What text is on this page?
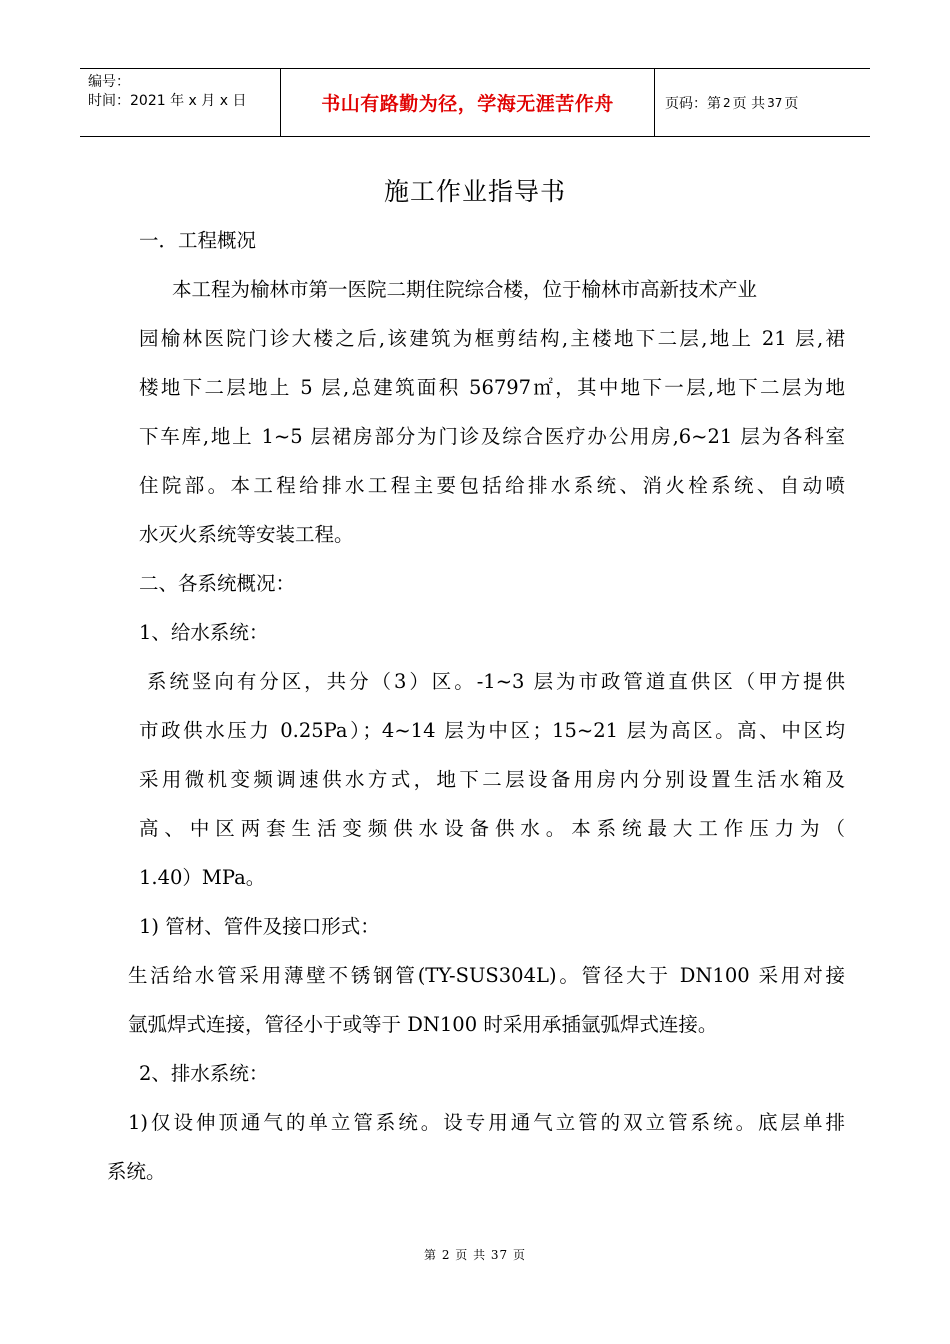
编号：
时间：2021 年 x 月 x 日	书山有路勤为径，学海无涯苦作舟	页码：第 2 页 共 37 页
施工作业指导书
一．工程概况
本工程为榆林市第一医院二期住院综合楼，位于榆林市高新技术产业
园榆林医院门诊大楼之后,该建筑为框剪结构,主楼地下二层,地上 21 层,裙
楼地下二层地上 5 层,总建筑面积 56797㎡，其中地下一层,地下二层为地
下车库,地上 1~5 层裙房部分为门诊及综合医疗办公用房,6~21 层为各科室
住院部。本工程给排水工程主要包括给排水系统、消火栓系统、自动喷
水灭火系统等安装工程。
二、各系统概况：
1、给水系统：
系统竖向有分区，共分（3）区。-1~3 层为市政管道直供区（甲方提供
市政供水压力 0.25Pa）；4~14 层为中区；15~21 层为高区。高、中区均
采用微机变频调速供水方式，地下二层设备用房内分别设置生活水箱及
高、中区两套生活变频供水设备供水。本系统最大工作压力为（
1.40）MPa。
1) 管材、管件及接口形式：
生活给水管采用薄壁不锈钢管(TY-SUS304L)。管径大于 DN100 采用对接
氩弧焊式连接，管径小于或等于 DN100 时采用承插氩弧焊式连接。
2、排水系统：
1)仅设伸顶通气的单立管系统。设专用通气立管的双立管系统。底层单排
系统。
第 2 页 共 37 页
